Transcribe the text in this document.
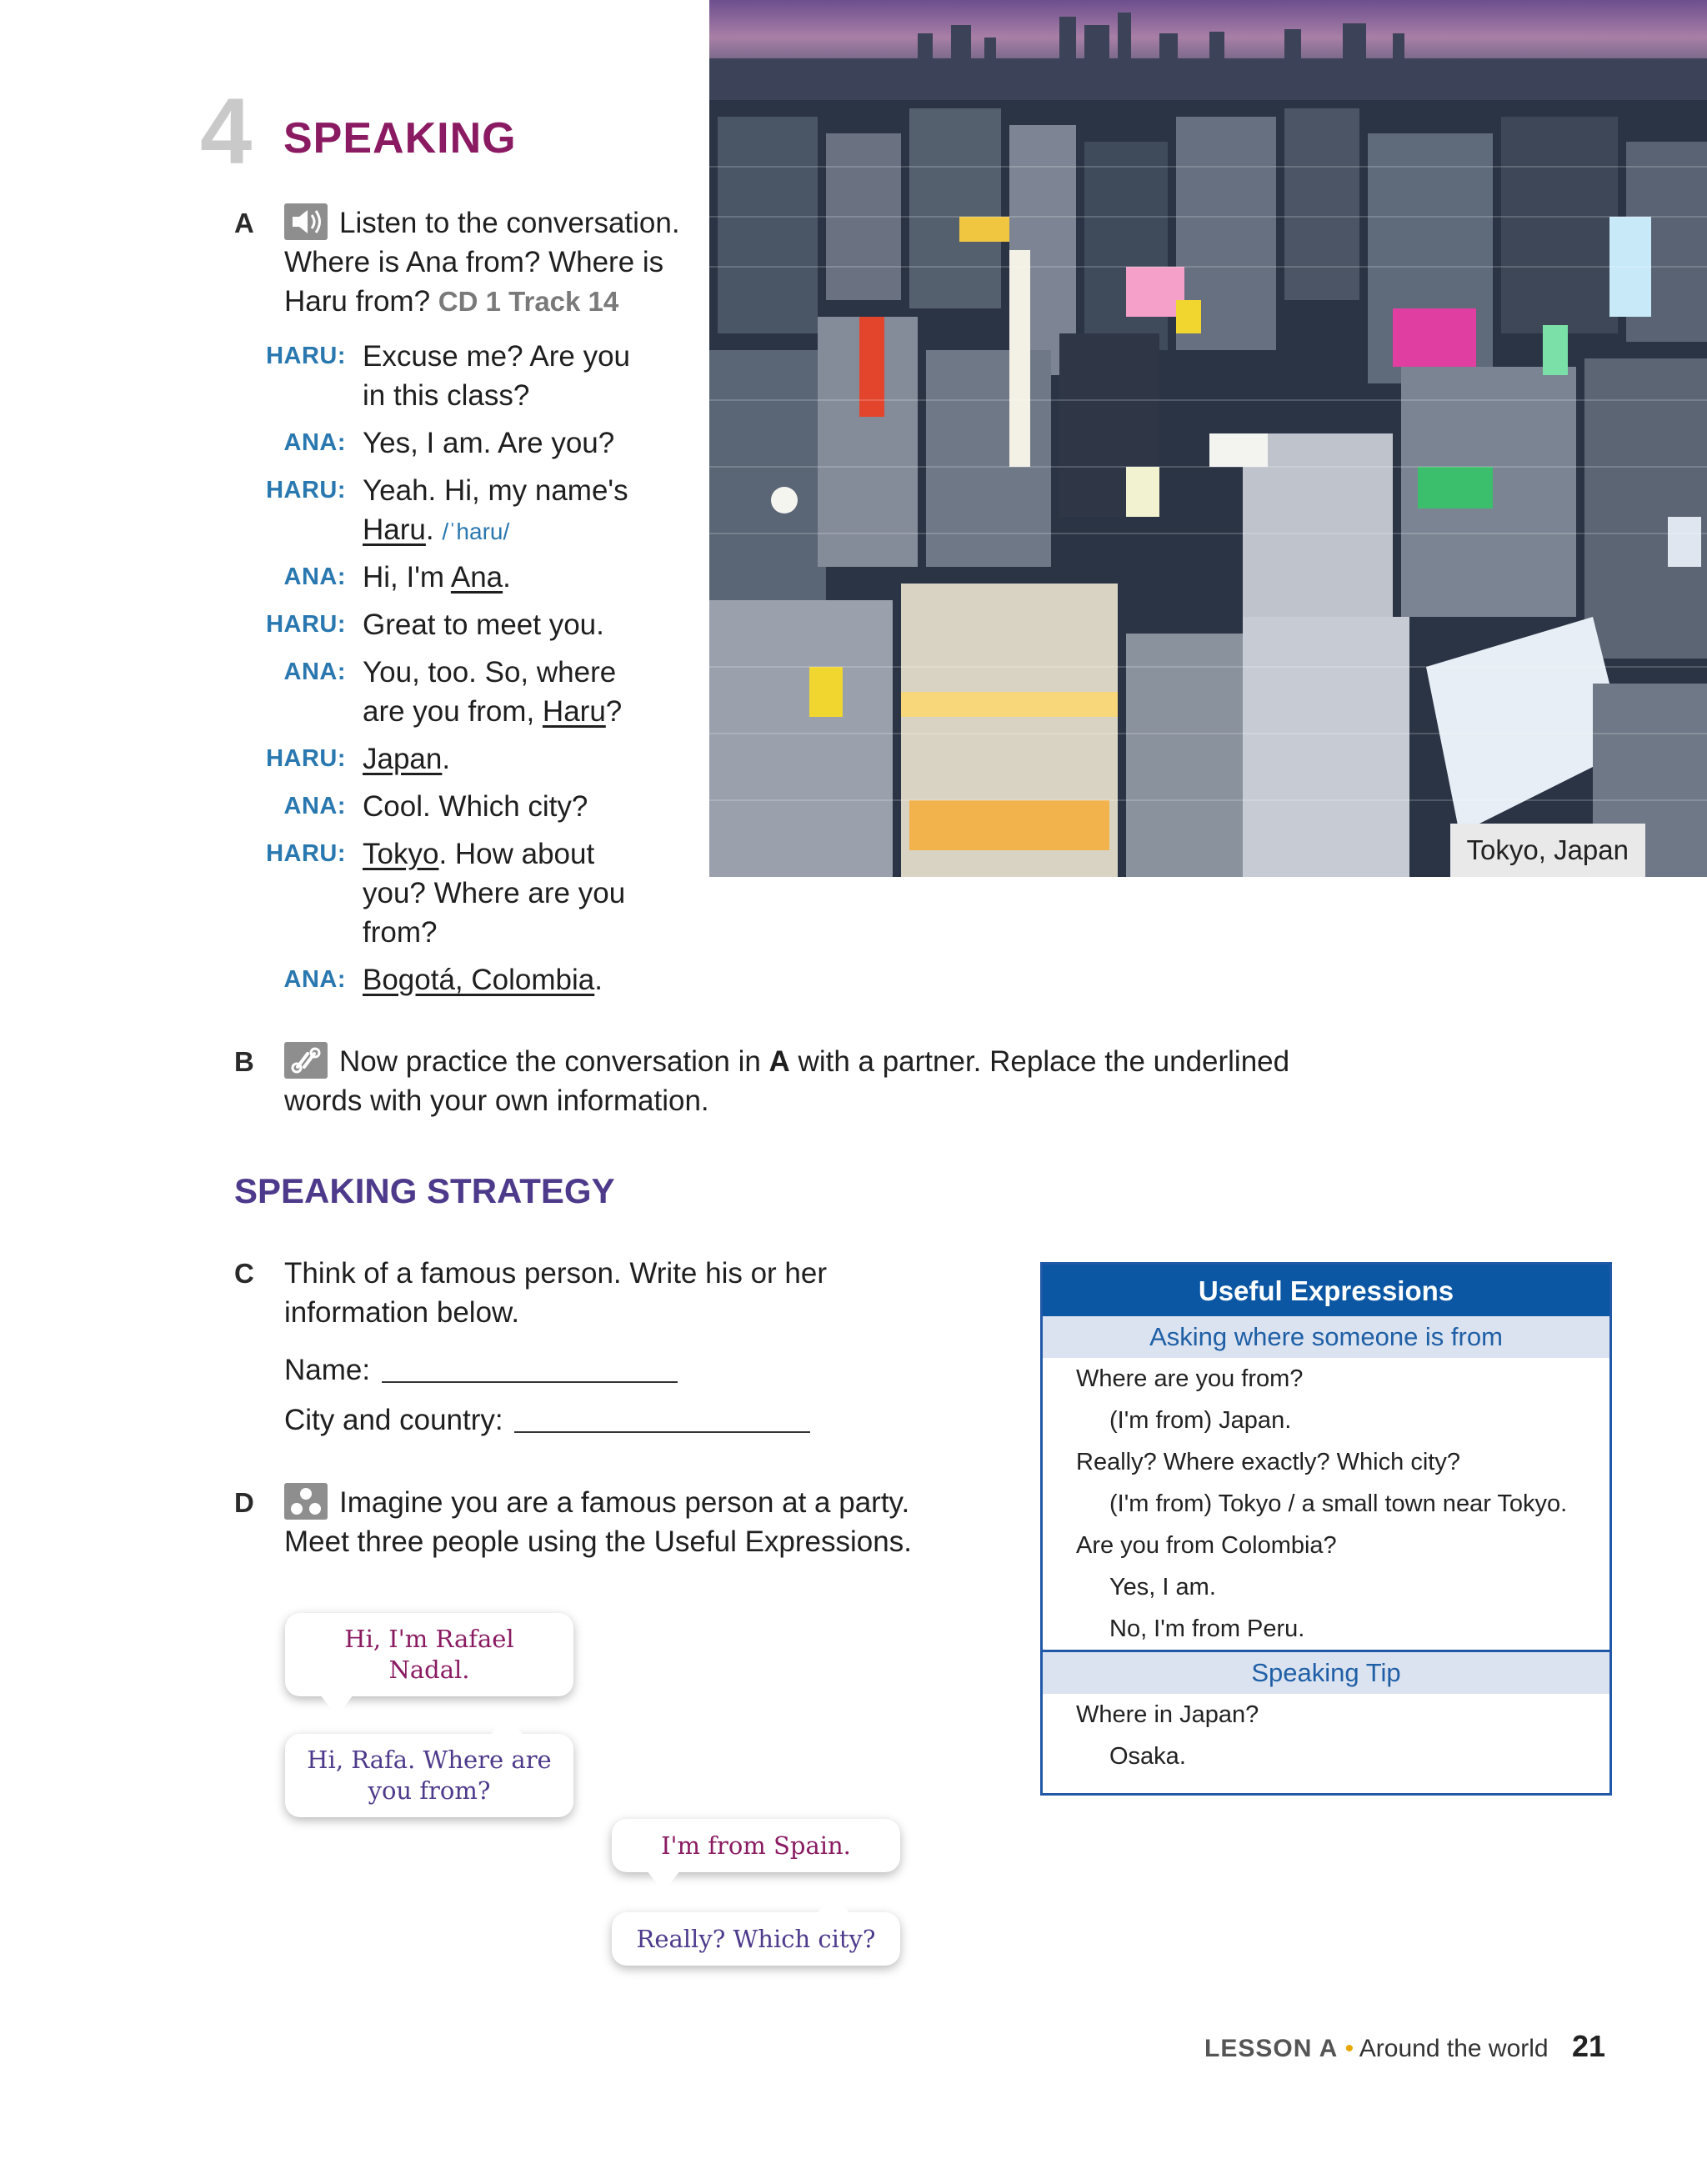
Tokyo, Japan
4 SPEAKING
A	Listen to the conversation.
Where is Ana from? Where is
Haru from? CD 1 Track 14
HARU: Excuse me? Are you
in this class?
ANA: Yes, I am. Are you?
HARU: Yeah. Hi, my name's
Haru. /ˈharu/
ANA: Hi, I'm Ana.
HARU: Great to meet you.
ANA: You, too. So, where
are you from, Haru?
HARU: Japan.
ANA: Cool. Which city?
HARU: Tokyo. How about
you? Where are you
from?
ANA: Bogotá, Colombia.
B	Now practice the conversation in A with a partner. Replace the underlined
words with your own information.
SPEAKING STRATEGY
C Think of a famous person. Write his or her
information below.
Name:
City and country:
D	Imagine you are a famous person at a party.
Meet three people using the Useful Expressions.
Hi, I'm Rafael
Nadal.
Hi, Rafa. Where are
you from?
I'm from Spain.
Really? Which city?
Useful Expressions
Asking where someone is from
Where are you from?
(I'm from) Japan.
Really? Where exactly? Which city?
(I'm from) Tokyo / a small town near Tokyo.
Are you from Colombia?
Yes, I am.
No, I'm from Peru.
Speaking Tip
Where in Japan?
Osaka.
LESSON A • Around the world 21
